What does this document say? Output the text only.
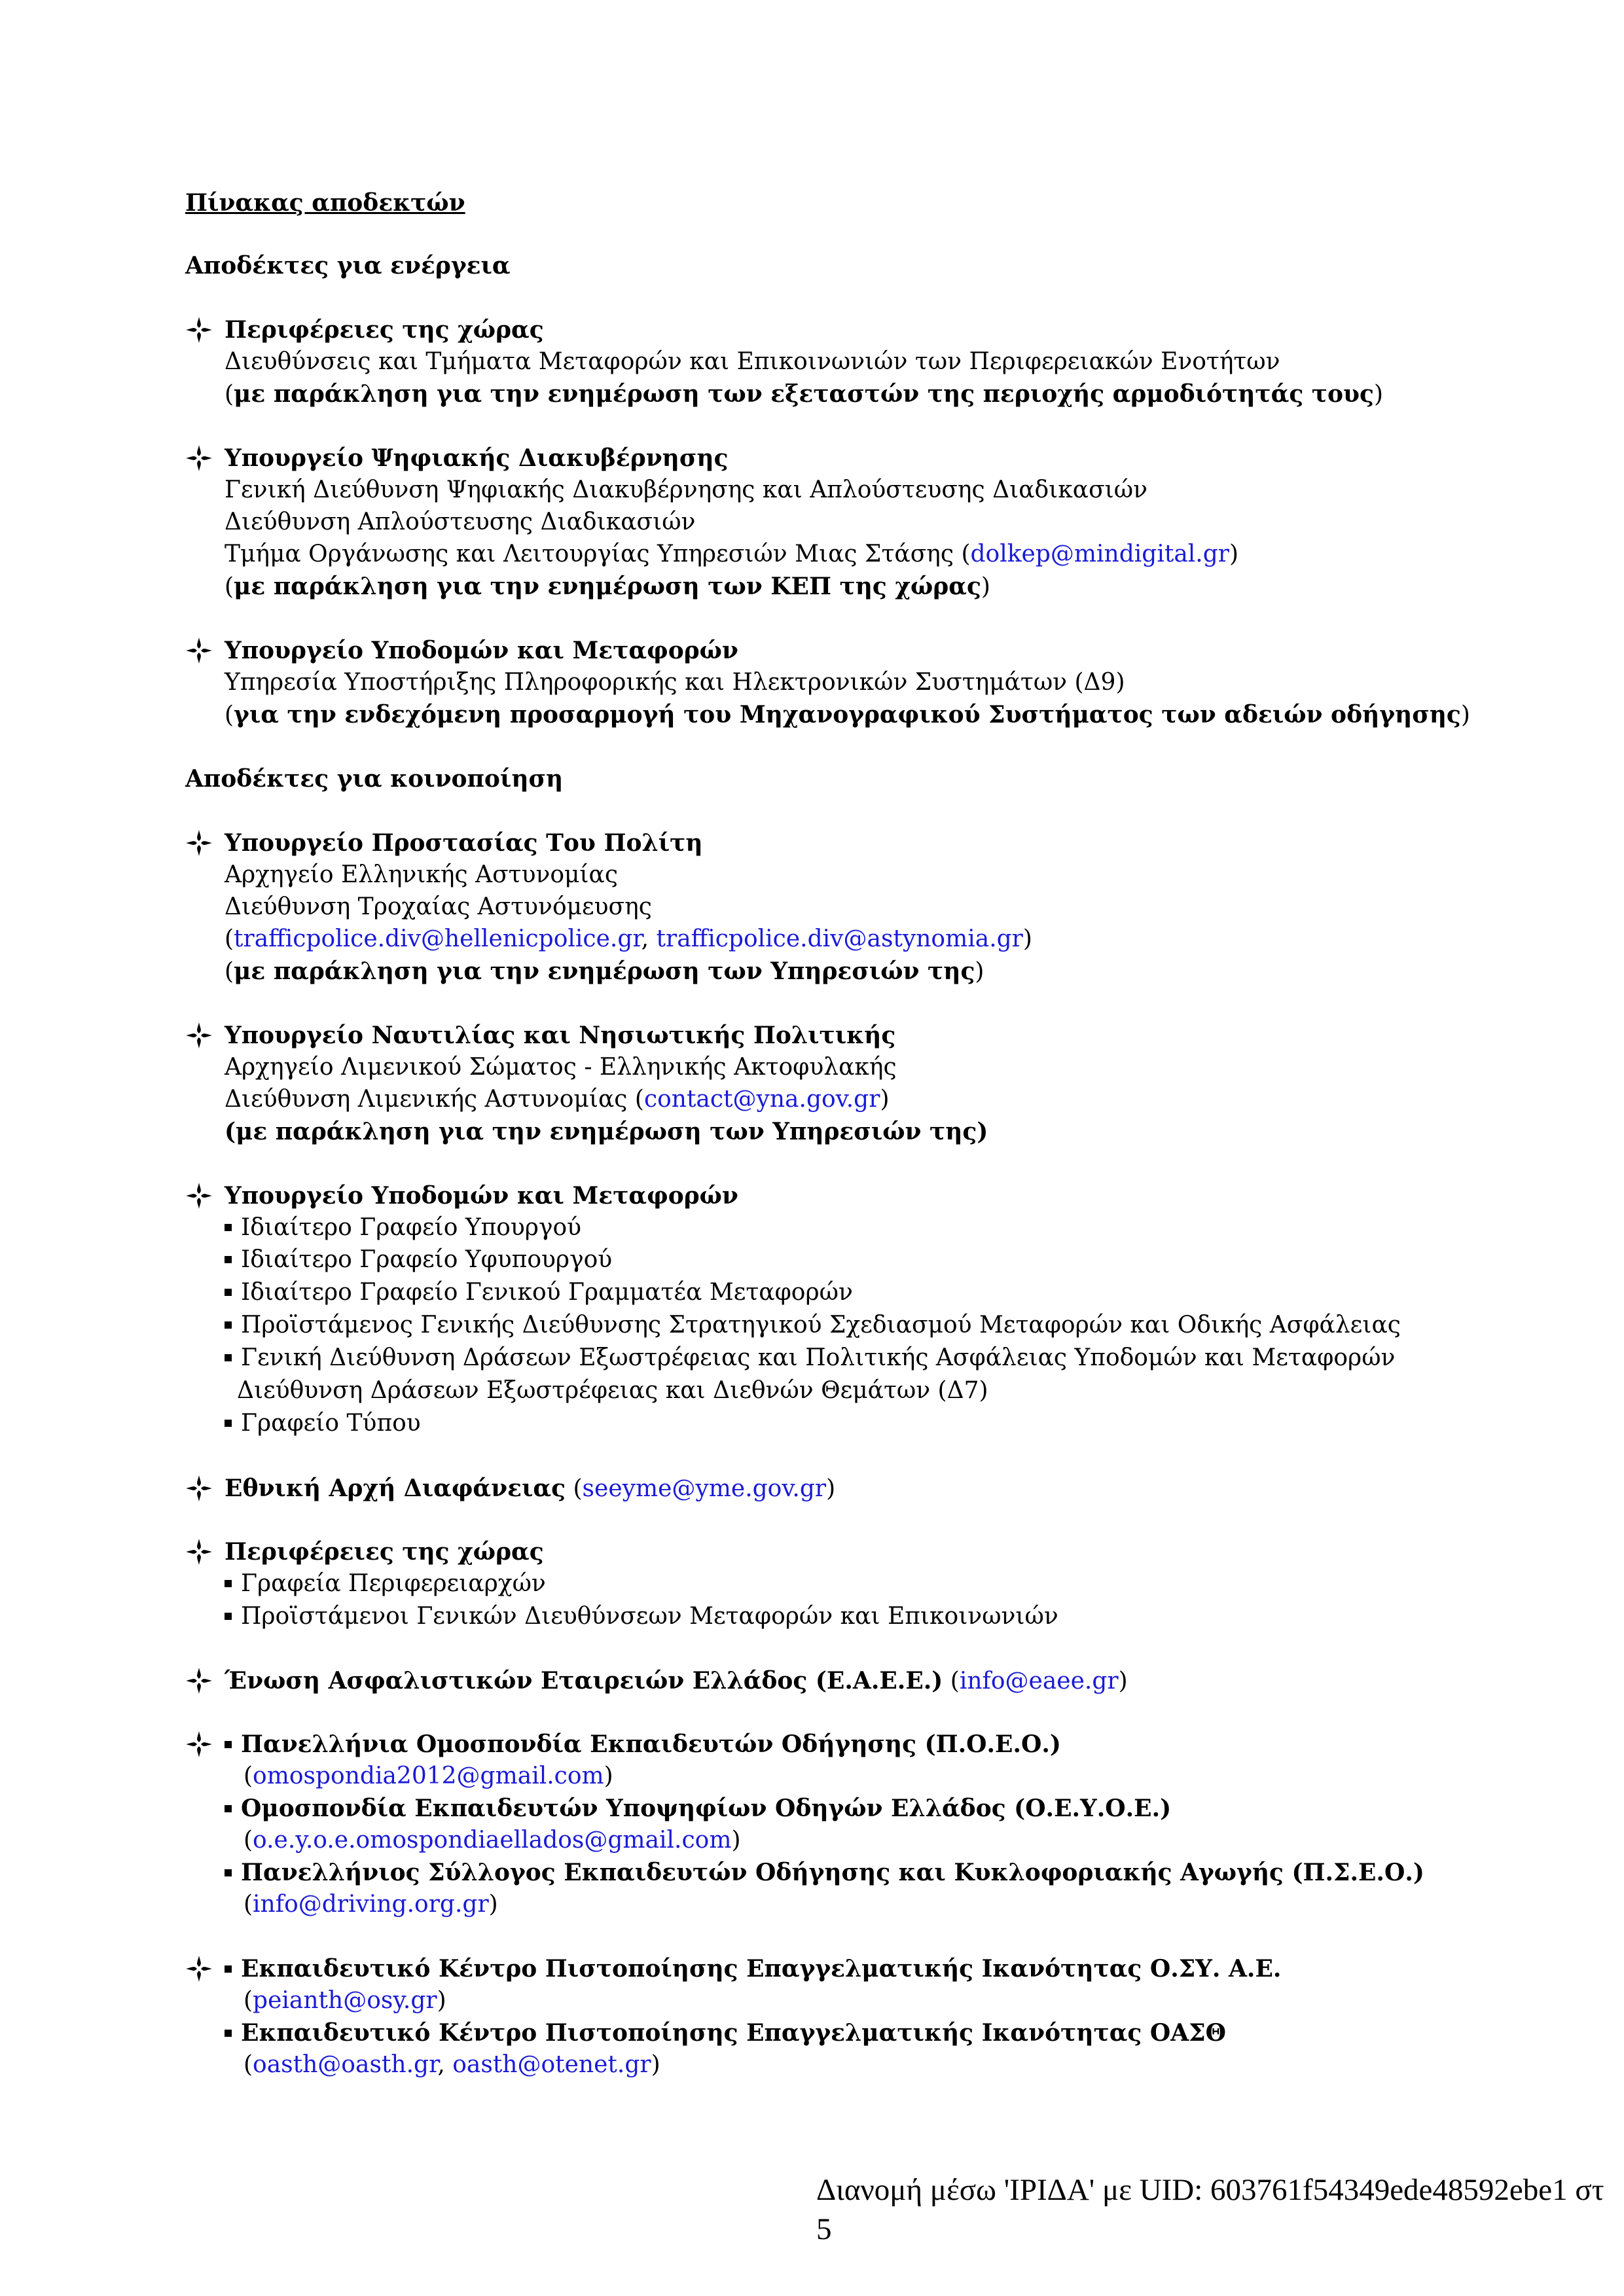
Πίνακας αποδεκτών
Αποδέκτες για ενέργεια
Περιφέρειες της χώρας
Διευθύνσεις και Τμήματα Μεταφορών και Επικοινωνιών των Περιφερειακών Ενοτήτων
(με παράκληση για την ενημέρωση των εξεταστών της περιοχής αρμοδιότητάς τους)
Υπουργείο Ψηφιακής Διακυβέρνησης
Γενική Διεύθυνση Ψηφιακής Διακυβέρνησης και Απλούστευσης Διαδικασιών
Διεύθυνση Απλούστευσης Διαδικασιών
Τμήμα Οργάνωσης και Λειτουργίας Υπηρεσιών Μιας Στάσης (dolkep@mindigital.gr)
(με παράκληση για την ενημέρωση των ΚΕΠ της χώρας)
Υπουργείο Υποδομών και Μεταφορών
Υπηρεσία Υποστήριξης Πληροφορικής και Ηλεκτρονικών Συστημάτων (Δ9)
(για την ενδεχόμενη προσαρμογή του Μηχανογραφικού Συστήματος των αδειών οδήγησης)
Αποδέκτες για κοινοποίηση
Υπουργείο Προστασίας Του Πολίτη
Αρχηγείο Ελληνικής Αστυνομίας
Διεύθυνση Τροχαίας Αστυνόμευσης
(trafficpolice.div@hellenicpolice.gr, trafficpolice.div@astynomia.gr)
(με παράκληση για την ενημέρωση των Υπηρεσιών της)
Υπουργείο Ναυτιλίας και Νησιωτικής Πολιτικής
Αρχηγείο Λιμενικού Σώματος - Ελληνικής Ακτοφυλακής
Διεύθυνση Λιμενικής Αστυνομίας (contact@yna.gov.gr)
(με παράκληση για την ενημέρωση των Υπηρεσιών της)
Υπουργείο Υποδομών και Μεταφορών
Ιδιαίτερο Γραφείο Υπουργού
Ιδιαίτερο Γραφείο Υφυπουργού
Ιδιαίτερο Γραφείο Γενικού Γραμματέα Μεταφορών
Προϊστάμενος Γενικής Διεύθυνσης Στρατηγικού Σχεδιασμού Μεταφορών και Οδικής Ασφάλειας
Γενική Διεύθυνση Δράσεων Εξωστρέφειας και Πολιτικής Ασφάλειας Υποδομών και Μεταφορών
Διεύθυνση Δράσεων Εξωστρέφειας και Διεθνών Θεμάτων (Δ7)
Γραφείο Τύπου
Εθνική Αρχή Διαφάνειας (seeyme@yme.gov.gr)
Περιφέρειες της χώρας
Γραφεία Περιφερειαρχών
Προϊστάμενοι Γενικών Διευθύνσεων Μεταφορών και Επικοινωνιών
Ένωση Ασφαλιστικών Εταιρειών Ελλάδος (Ε.Α.Ε.Ε.) (info@eaee.gr)
Πανελλήνια Ομοσπονδία Εκπαιδευτών Οδήγησης (Π.Ο.Ε.Ο.)
(omospondia2012@gmail.com)
Ομοσπονδία Εκπαιδευτών Υποψηφίων Οδηγών Ελλάδος (Ο.Ε.Υ.Ο.Ε.)
(o.e.y.o.e.omospondiaellados@gmail.com)
Πανελλήνιος Σύλλογος Εκπαιδευτών Οδήγησης και Κυκλοφοριακής Αγωγής (Π.Σ.Ε.Ο.)
(info@driving.org.gr)
Εκπαιδευτικό Κέντρο Πιστοποίησης Επαγγελματικής Ικανότητας Ο.ΣΥ. Α.Ε.
(peianth@osy.gr)
Εκπαιδευτικό Κέντρο Πιστοποίησης Επαγγελματικής Ικανότητας ΟΑΣΘ
(oasth@oasth.gr, oasth@otenet.gr)
Διανομή μέσω 'ΙΡΙΔΑ' με UID: 603761f54349ede48592ebe1 στ
5
